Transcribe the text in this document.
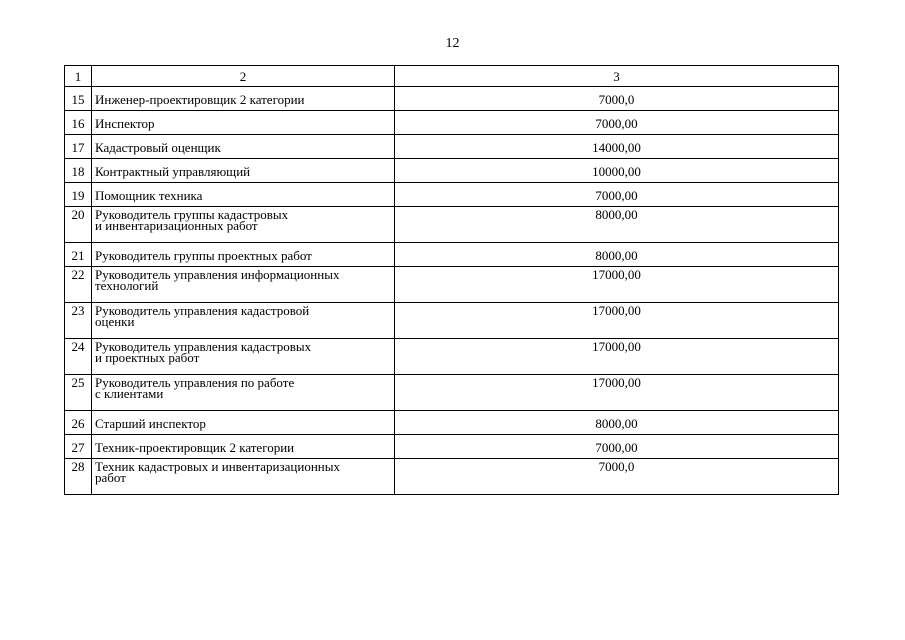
12
1	2	3
15	Инженер-проектировщик 2 категории	7000,0
16	Инспектор	7000,00
17	Кадастровый оценщик	14000,00
18	Контрактный управляющий	10000,00
19	Помощник техника	7000,00
20	Руководитель группы кадастровых
и инвентаризационных работ	8000,00
21	Руководитель группы проектных работ	8000,00
22	Руководитель управления информационных
технологий	17000,00
23	Руководитель управления кадастровой
оценки	17000,00
24	Руководитель управления кадастровых
и проектных работ	17000,00
25	Руководитель управления по работе
с клиентами	17000,00
26	Старший инспектор	8000,00
27	Техник-проектировщик 2 категории	7000,00
28	Техник кадастровых и инвентаризационных
работ	7000,0
